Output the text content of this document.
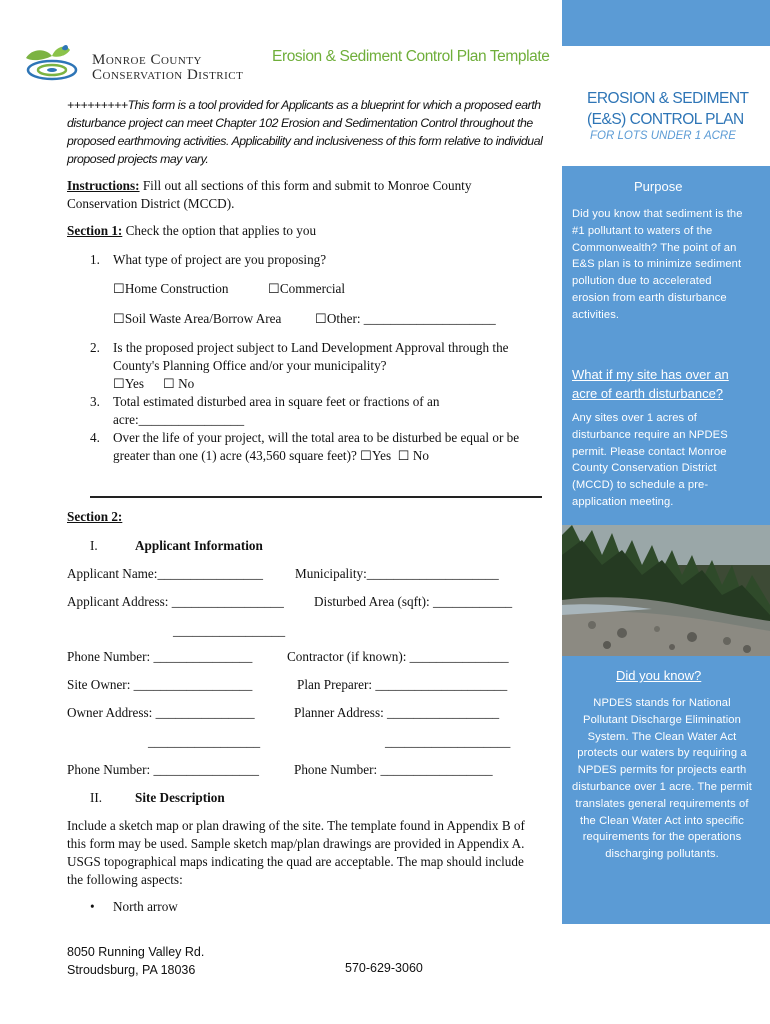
Monroe County
Conservation District
Erosion & Sediment Control Plan Template
EROSION & SEDIMENT (E&S) CONTROL PLAN
FOR LOTS UNDER 1 ACRE
Purpose
Did you know that sediment is the #1 pollutant to waters of the Commonwealth? The point of an E&S plan is to minimize sediment pollution due to accelerated erosion from earth disturbance activities.
What if my site has over an acre of earth disturbance?
Any sites over 1 acres of disturbance require an NPDES permit. Please contact Monroe County Conservation District (MCCD) to schedule a pre-application meeting.
Did you know?
NPDES stands for National Pollutant Discharge Elimination System. The Clean Water Act protects our waters by requiring a NPDES permits for projects earth disturbance over 1 acre. The permit translates general requirements of the Clean Water Act into specific requirements for the operations discharging pollutants.
+++++++++This form is a tool provided for Applicants as a blueprint for which a proposed earth disturbance project can meet Chapter 102 Erosion and Sedimentation Control throughout the proposed earthmoving activities. Applicability and inclusiveness of this form relative to individual proposed projects may vary.
Instructions: Fill out all sections of this form and submit to Monroe County Conservation District (MCCD).
Section 1: Check the option that applies to you
1. What type of project are you proposing?
☐Home Construction	☐Commercial
☐Soil Waste Area/Borrow Area	☐Other: ____________________
2. Is the proposed project subject to Land Development Approval through the County's Planning Office and/or your municipality?
☐Yes ☐ No
3. Total estimated disturbed area in square feet or fractions of an acre:________________
4. Over the life of your project, will the total area to be disturbed be equal or be greater than one (1) acre (43,560 square feet)? ☐Yes ☐ No
Section 2:
I.	Applicant Information
Applicant Name:________________ Municipality:____________________
Applicant Address: _________________ Disturbed Area (sqft): ____________
_________________
Phone Number: _______________	Contractor (if known): _______________
Site Owner: __________________	Plan Preparer: ____________________
Owner Address: _______________	Planner Address: _________________
_________________	___________________
Phone Number: ________________	Phone Number: _________________
II. Site Description
Include a sketch map or plan drawing of the site. The template found in Appendix B of this form may be used. Sample sketch map/plan drawings are provided in Appendix A. USGS topographical maps indicating the quad are acceptable. The map should include the following aspects:
• North arrow
8050 Running Valley Rd.
Stroudsburg, PA 18036	570-629-3060
